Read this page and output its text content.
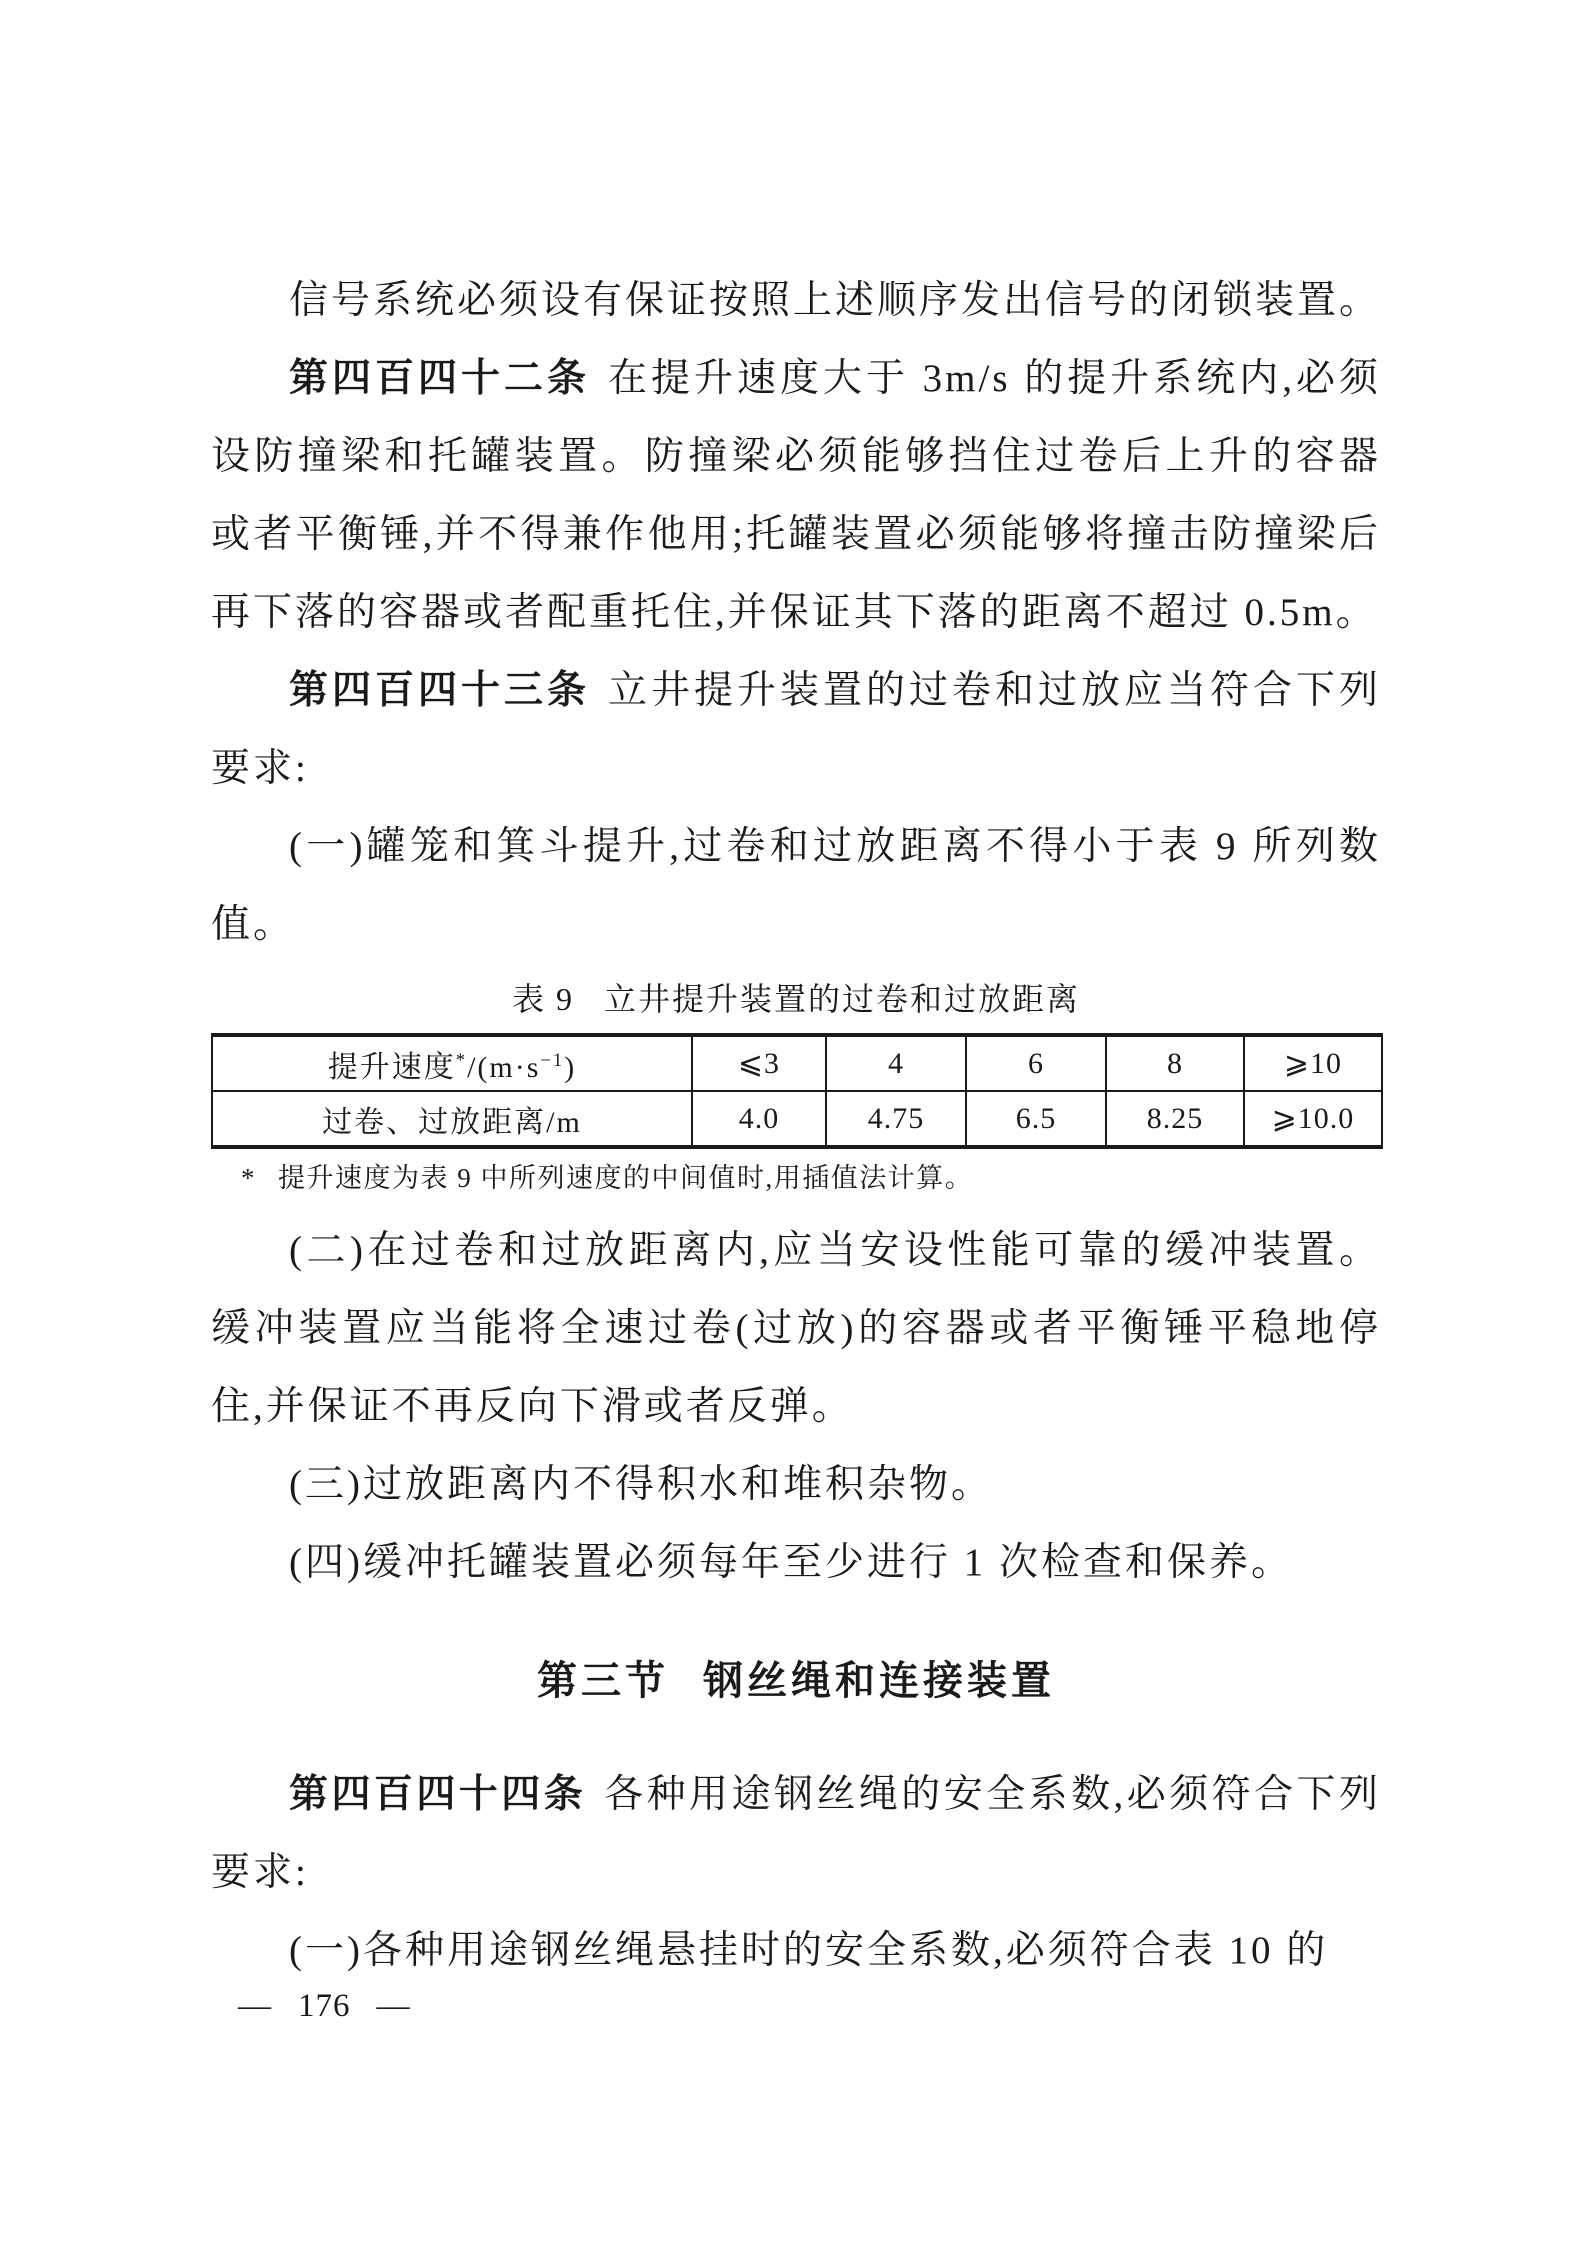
信号系统必须设有保证按照上述顺序发出信号的闭锁装置。

第四百四十二条 在提升速度大于 3m/s 的提升系统内,必须设防撞梁和托罐装置。防撞梁必须能够挡住过卷后上升的容器或者平衡锤,并不得兼作他用;托罐装置必须能够将撞击防撞梁后再下落的容器或者配重托住,并保证其下落的距离不超过 0.5m。

第四百四十三条 立井提升装置的过卷和过放应当符合下列要求:

(一)罐笼和箕斗提升,过卷和过放距离不得小于表 9 所列数值。

表 9 立井提升装置的过卷和过放距离

提升速度$^*/(m\cdot s^{-1})$	⩽3	4	6	8	⩾10
过卷、过放距离/m	4.0	4.75	6.5	8.25	⩾10.0

* 提升速度为表 9 中所列速度的中间值时,用插值法计算。

(二)在过卷和过放距离内,应当安设性能可靠的缓冲装置。缓冲装置应当能将全速过卷(过放)的容器或者平衡锤平稳地停住,并保证不再反向下滑或者反弹。

(三)过放距离内不得积水和堆积杂物。

(四)缓冲托罐装置必须每年至少进行 1 次检查和保养。

第三节 钢丝绳和连接装置

第四百四十四条 各种用途钢丝绳的安全系数,必须符合下列要求:

(一)各种用途钢丝绳悬挂时的安全系数,必须符合表 10 的

— 176 —
